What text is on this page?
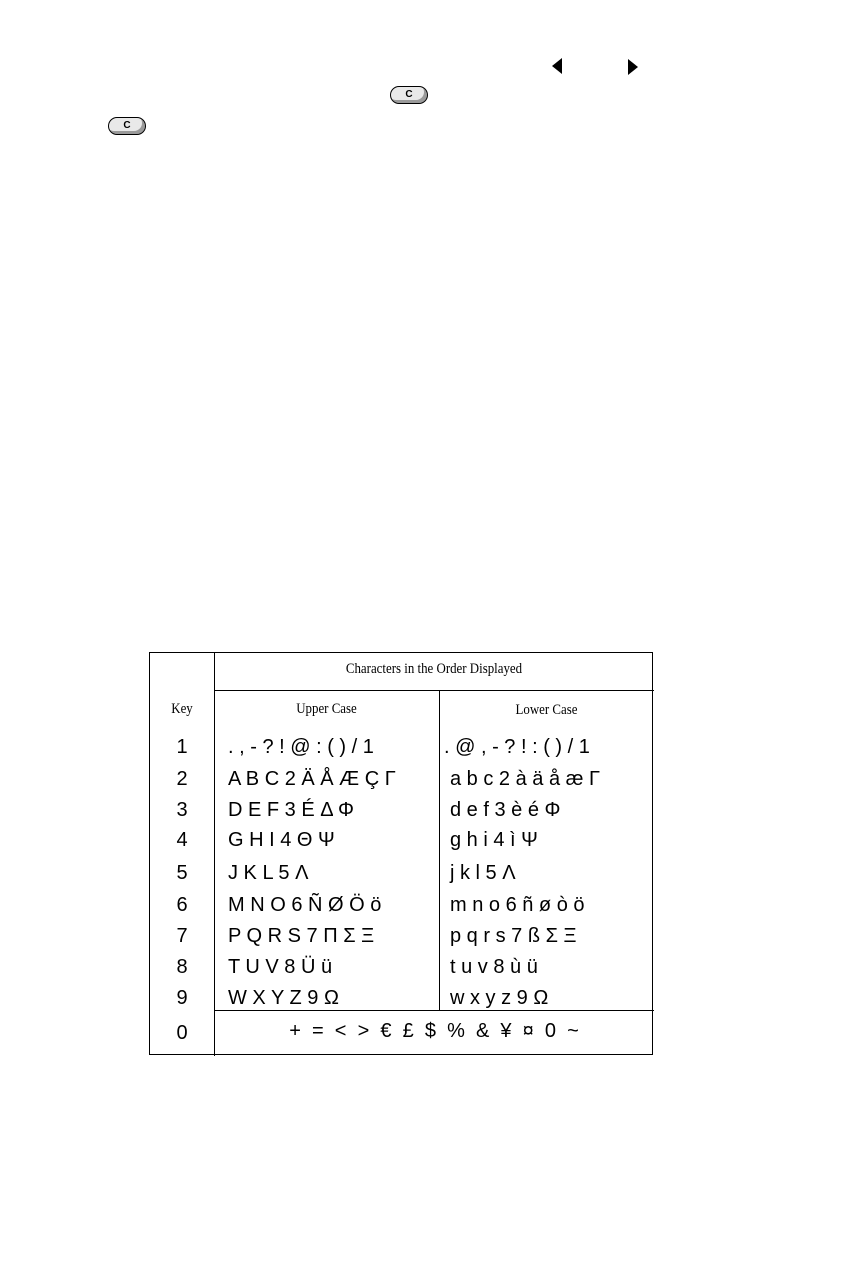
C
C
Characters in the Order Displayed
Key	Upper Case	Lower Case
1	. , - ? ! @ : ( ) / 1	. @ , - ? ! : ( ) / 1
2	A B C 2 Ä Å Æ Ç Γ	a b c 2 à ä å æ Γ
3	D E F 3 É Δ Φ	d e f 3 è é Φ
4	G H I 4 Θ Ψ	g h i 4 ì Ψ
5	J K L 5 Λ	j k l 5 Λ
6	M N O 6 Ñ Ø Ö ö	m n o 6 ñ ø ò ö
7	P Q R S 7 Π Σ Ξ	p q r s 7 ß Σ Ξ
8	T U V 8 Ü ü	t u v 8 ù ü
9	W X Y Z 9 Ω	w x y z 9 Ω
0	+  =  <  >  €  £  $  %  &  ¥  ¤  0  ~
